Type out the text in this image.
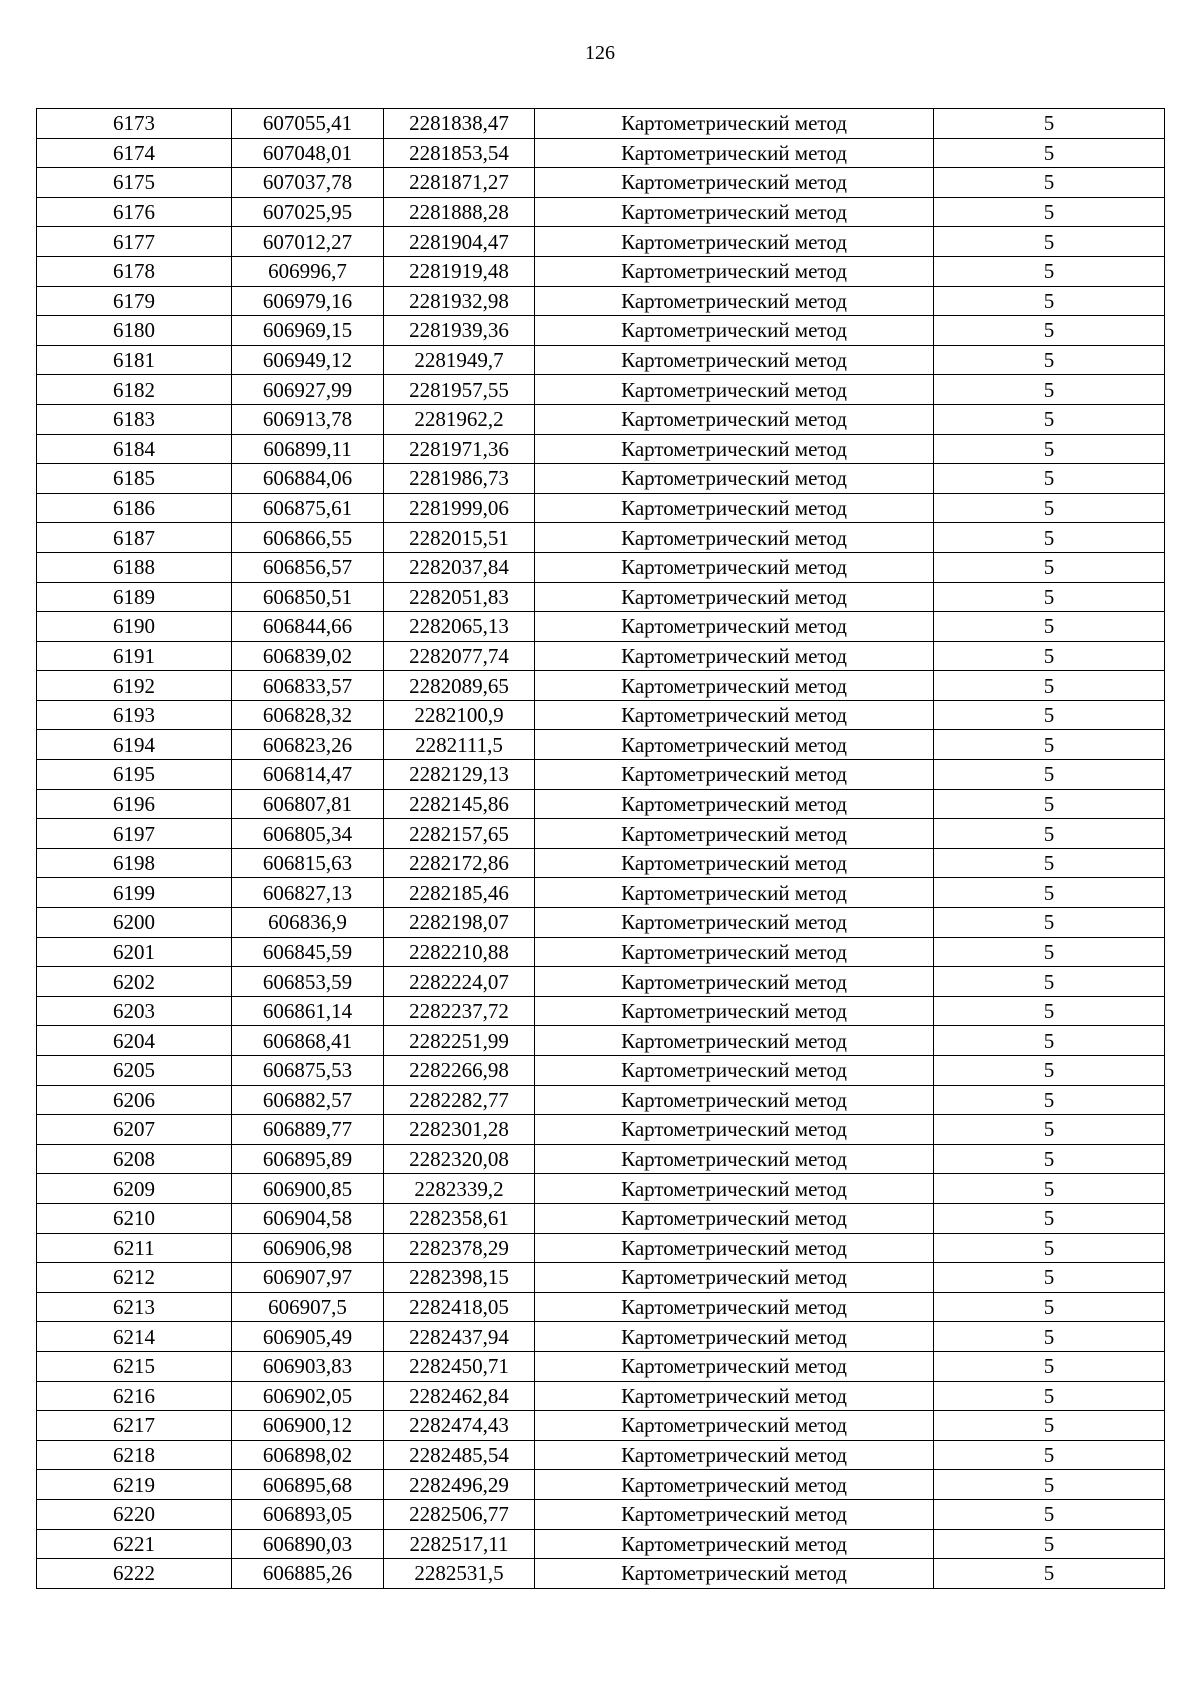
126
6173	607055,41	2281838,47	Картометрический метод	5
6174	607048,01	2281853,54	Картометрический метод	5
6175	607037,78	2281871,27	Картометрический метод	5
6176	607025,95	2281888,28	Картометрический метод	5
6177	607012,27	2281904,47	Картометрический метод	5
6178	606996,7	2281919,48	Картометрический метод	5
6179	606979,16	2281932,98	Картометрический метод	5
6180	606969,15	2281939,36	Картометрический метод	5
6181	606949,12	2281949,7	Картометрический метод	5
6182	606927,99	2281957,55	Картометрический метод	5
6183	606913,78	2281962,2	Картометрический метод	5
6184	606899,11	2281971,36	Картометрический метод	5
6185	606884,06	2281986,73	Картометрический метод	5
6186	606875,61	2281999,06	Картометрический метод	5
6187	606866,55	2282015,51	Картометрический метод	5
6188	606856,57	2282037,84	Картометрический метод	5
6189	606850,51	2282051,83	Картометрический метод	5
6190	606844,66	2282065,13	Картометрический метод	5
6191	606839,02	2282077,74	Картометрический метод	5
6192	606833,57	2282089,65	Картометрический метод	5
6193	606828,32	2282100,9	Картометрический метод	5
6194	606823,26	2282111,5	Картометрический метод	5
6195	606814,47	2282129,13	Картометрический метод	5
6196	606807,81	2282145,86	Картометрический метод	5
6197	606805,34	2282157,65	Картометрический метод	5
6198	606815,63	2282172,86	Картометрический метод	5
6199	606827,13	2282185,46	Картометрический метод	5
6200	606836,9	2282198,07	Картометрический метод	5
6201	606845,59	2282210,88	Картометрический метод	5
6202	606853,59	2282224,07	Картометрический метод	5
6203	606861,14	2282237,72	Картометрический метод	5
6204	606868,41	2282251,99	Картометрический метод	5
6205	606875,53	2282266,98	Картометрический метод	5
6206	606882,57	2282282,77	Картометрический метод	5
6207	606889,77	2282301,28	Картометрический метод	5
6208	606895,89	2282320,08	Картометрический метод	5
6209	606900,85	2282339,2	Картометрический метод	5
6210	606904,58	2282358,61	Картометрический метод	5
6211	606906,98	2282378,29	Картометрический метод	5
6212	606907,97	2282398,15	Картометрический метод	5
6213	606907,5	2282418,05	Картометрический метод	5
6214	606905,49	2282437,94	Картометрический метод	5
6215	606903,83	2282450,71	Картометрический метод	5
6216	606902,05	2282462,84	Картометрический метод	5
6217	606900,12	2282474,43	Картометрический метод	5
6218	606898,02	2282485,54	Картометрический метод	5
6219	606895,68	2282496,29	Картометрический метод	5
6220	606893,05	2282506,77	Картометрический метод	5
6221	606890,03	2282517,11	Картометрический метод	5
6222	606885,26	2282531,5	Картометрический метод	5
